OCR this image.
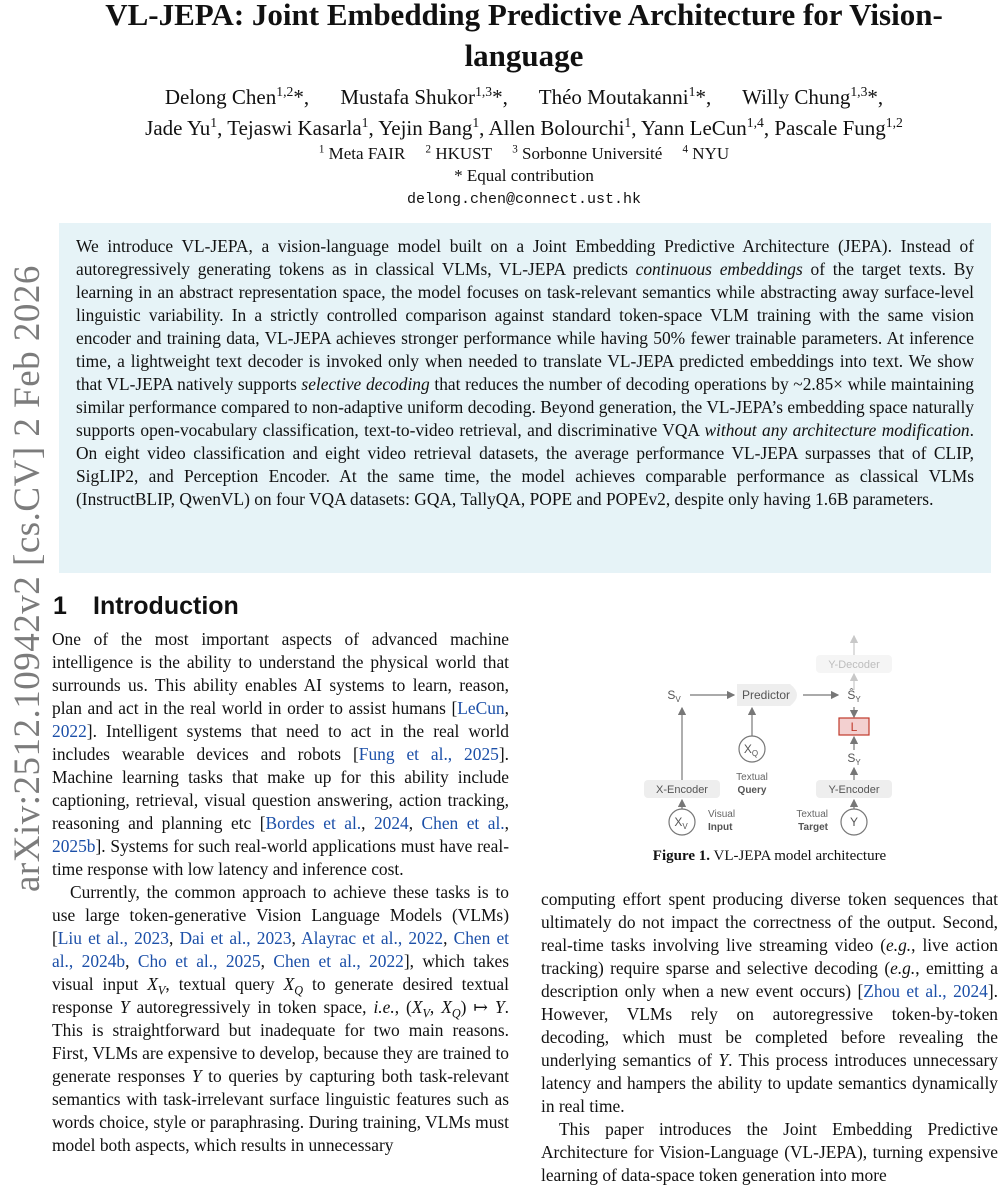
arXiv:2512.10942v2 [cs.CV] 2 Feb 2026
VL-JEPA: Joint Embedding Predictive Architecture for Vision-language
Delong Chen$^{1,2}$*, Mustafa Shukor$^{1,3}$*, Théo Moutakanni$^1$*, Willy Chung$^{1,3}$*,
Jade Yu$^1$, Tejaswi Kasarla$^1$, Yejin Bang$^1$, Allen Bolourchi$^1$, Yann LeCun$^{1,4}$, Pascale Fung$^{1,2}$
$^1$ Meta FAIR $^2$ HKUST $^3$ Sorbonne Université $^4$ NYU
* Equal contribution
delong.chen@connect.ust.hk

We introduce VL-JEPA, a vision-language model built on a Joint Embedding Predictive Architecture (JEPA). Instead of autoregressively generating tokens as in classical VLMs, VL-JEPA predicts continuous embeddings of the target texts. By learning in an abstract representation space, the model focuses on task-relevant semantics while abstracting away surface-level linguistic variability. In a strictly controlled comparison against standard token-space VLM training with the same vision encoder and training data, VL-JEPA achieves stronger performance while having 50% fewer trainable parameters. At inference time, a lightweight text decoder is invoked only when needed to translate VL-JEPA predicted embeddings into text. We show that VL-JEPA natively supports selective decoding that reduces the number of decoding operations by ~2.85× while maintaining similar performance compared to non-adaptive uniform decoding. Beyond generation, the VL-JEPA’s embedding space naturally supports open-vocabulary classification, text-to-video retrieval, and discriminative VQA without any architecture modification. On eight video classification and eight video retrieval datasets, the average performance VL-JEPA surpasses that of CLIP, SigLIP2, and Perception Encoder. At the same time, the model achieves comparable performance as classical VLMs (InstructBLIP, QwenVL) on four VQA datasets: GQA, TallyQA, POPE and POPEv2, despite only having 1.6B parameters.

1 Introduction

One of the most important aspects of advanced machine intelligence is the ability to understand the physical world that surrounds us. This ability enables AI systems to learn, reason, plan and act in the real world in order to assist humans [LeCun, 2022]. Intelligent systems that need to act in the real world includes wearable devices and robots [Fung et al., 2025]. Machine learning tasks that make up for this ability include captioning, retrieval, visual question answering, action tracking, reasoning and planning etc [Bordes et al., 2024, Chen et al., 2025b]. Systems for such real-world applications must have real-time response with low latency and inference cost.

Currently, the common approach to achieve these tasks is to use large token-generative Vision Language Models (VLMs) [Liu et al., 2023, Dai et al., 2023, Alayrac et al., 2022, Chen et al., 2024b, Cho et al., 2025, Chen et al., 2022], which takes visual input $X_V$, textual query $X_Q$ to generate desired textual response Y autoregressively in token space, i.e., ($X_V$, $X_Q$) ↦ Y. This is straightforward but inadequate for two main reasons. First, VLMs are expensive to develop, because they are trained to generate responses Y to queries by capturing both task-relevant semantics with task-irrelevant surface linguistic features such as words choice, style or paraphrasing. During training, VLMs must model both aspects, which results in unnecessary

Y-Decoder
$S_V$	Predictor	$Ŝ_Y$
L
$S_Y$
$X_Q$
Textual
Query
X-Encoder	Y-Encoder
$X_V$
Visual
Input
Textual
Target Y
Figure 1. VL-JEPA model architecture

computing effort spent producing diverse token sequences that ultimately do not impact the correctness of the output. Second, real-time tasks involving live streaming video (e.g., live action tracking) require sparse and selective decoding (e.g., emitting a description only when a new event occurs) [Zhou et al., 2024]. However, VLMs rely on autoregressive token-by-token decoding, which must be completed before revealing the underlying semantics of Y. This process introduces unnecessary latency and hampers the ability to update semantics dynamically in real time.

This paper introduces the Joint Embedding Predictive Architecture for Vision-Language (VL-JEPA), turning expensive learning of data-space token generation into more
